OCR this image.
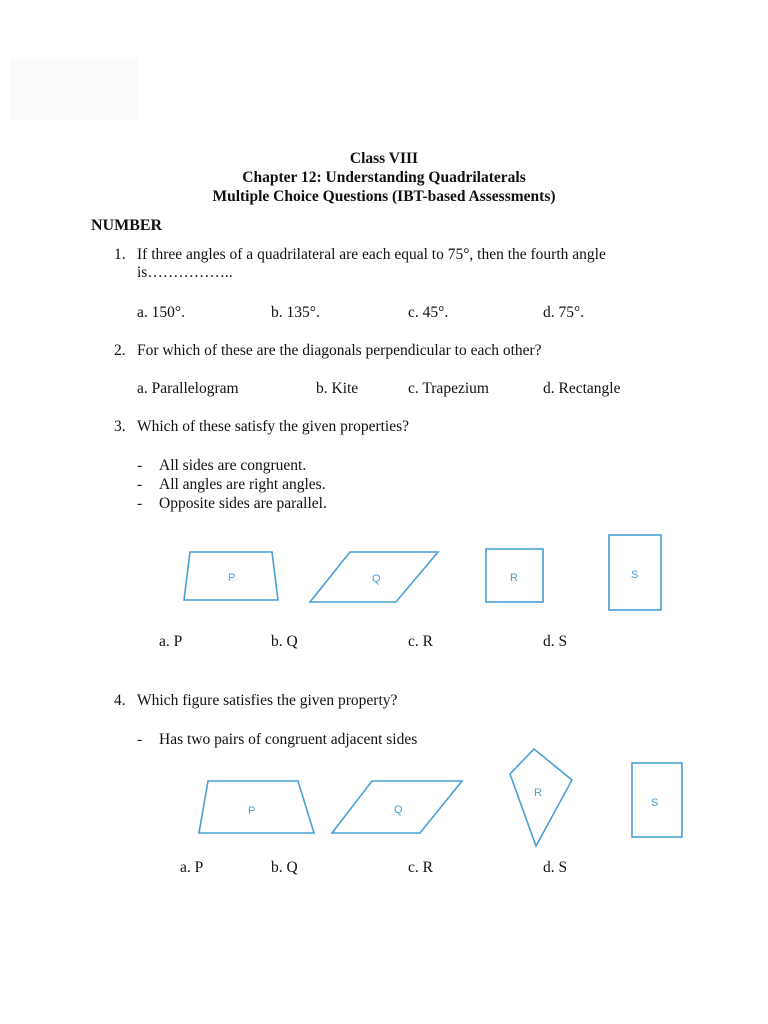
Class VIII
Chapter 12: Understanding Quadrilaterals
Multiple Choice Questions (IBT-based Assessments)
NUMBER
1. If three angles of a quadrilateral are each equal to 75°, then the fourth angle
is……………..
a. 150°.	b. 135°.	c. 45°.	d. 75°.
2. For which of these are the diagonals perpendicular to each other?
a. Parallelogram	b. Kite	c. Trapezium	d. Rectangle
3. Which of these satisfy the given properties?
- All sides are congruent.
- All angles are right angles.
- Opposite sides are parallel.
P	Q	R	S
a. P	b. Q	c. R	d. S
4. Which figure satisfies the given property?
- Has two pairs of congruent adjacent sides
P	Q
R
S
a. P	b. Q	c. R	d. S
